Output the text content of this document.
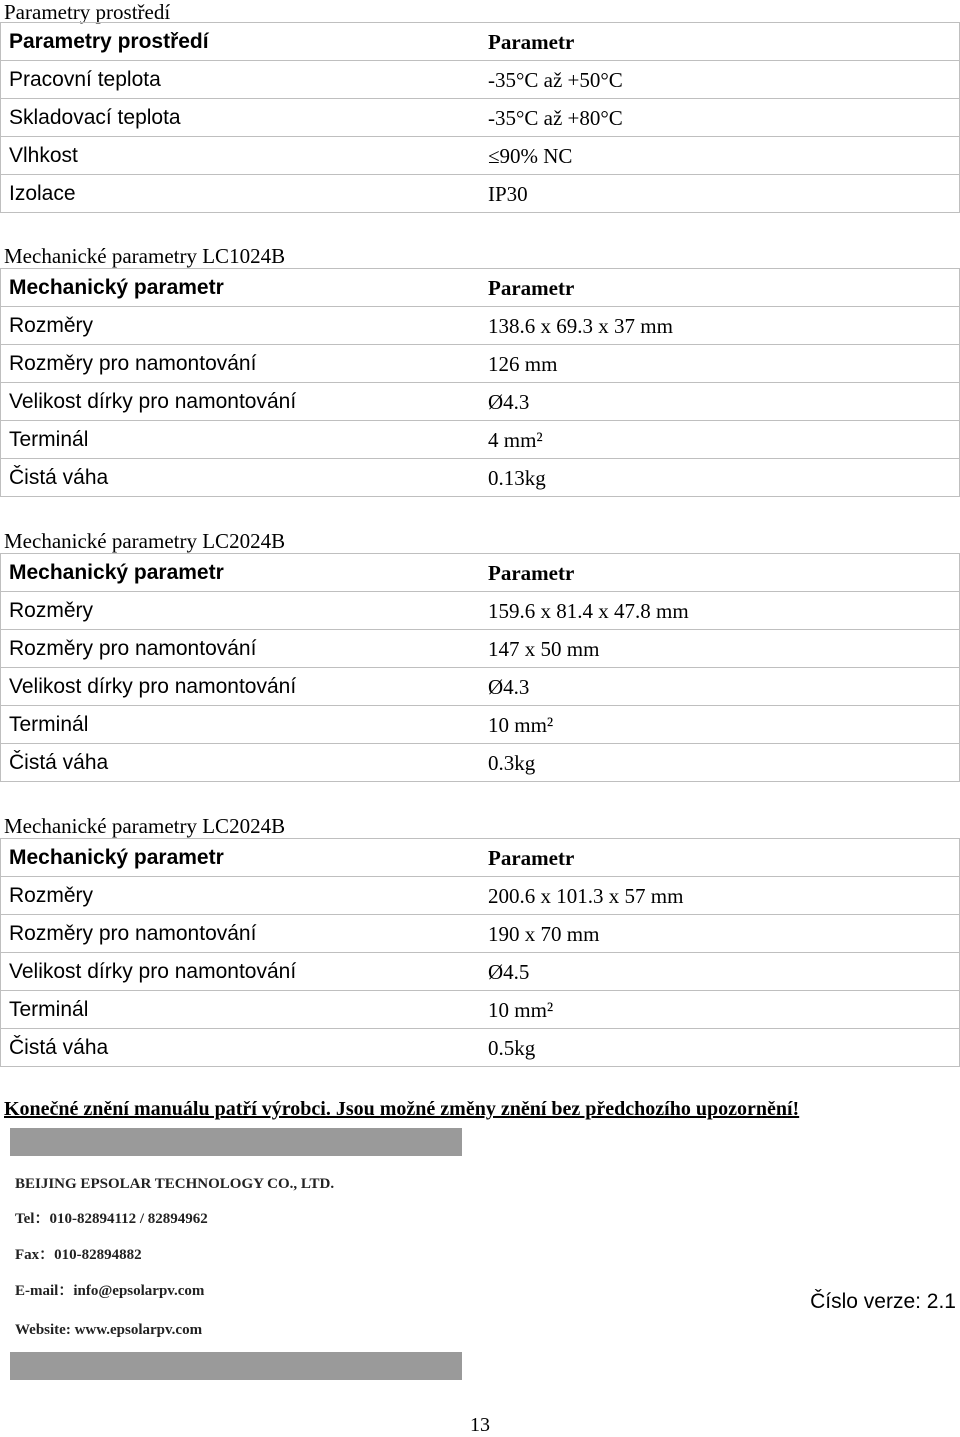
Parametry prostředí
Parametry prostředí	Parametr
Pracovní teplota	-35°C až +50°C
Skladovací teplota	-35°C až +80°C
Vlhkost	≤90% NC
Izolace	IP30
Mechanické parametry LC1024B
Mechanický parametr	Parametr
Rozměry	138.6 x 69.3 x 37 mm
Rozměry pro namontování	126 mm
Velikost dírky pro namontování	Ø4.3
Terminál	4 mm²
Čistá váha	0.13kg
Mechanické parametry LC2024B
Mechanický parametr	Parametr
Rozměry	159.6 x 81.4 x 47.8 mm
Rozměry pro namontování	147 x 50 mm
Velikost dírky pro namontování	Ø4.3
Terminál	10 mm²
Čistá váha	0.3kg
Mechanické parametry LC2024B
Mechanický parametr	Parametr
Rozměry	200.6 x 101.3 x 57 mm
Rozměry pro namontování	190 x 70 mm
Velikost dírky pro namontování	Ø4.5
Terminál	10 mm²
Čistá váha	0.5kg
Konečné znění manuálu patří výrobci. Jsou možné změny znění bez předchozího upozornění!
BEIJING EPSOLAR TECHNOLOGY CO., LTD.
Tel：010-82894112 / 82894962
Fax：010-82894882
E-mail：info@epsolarpv.com
Website: www.epsolarpv.com
Číslo verze: 2.1
13
